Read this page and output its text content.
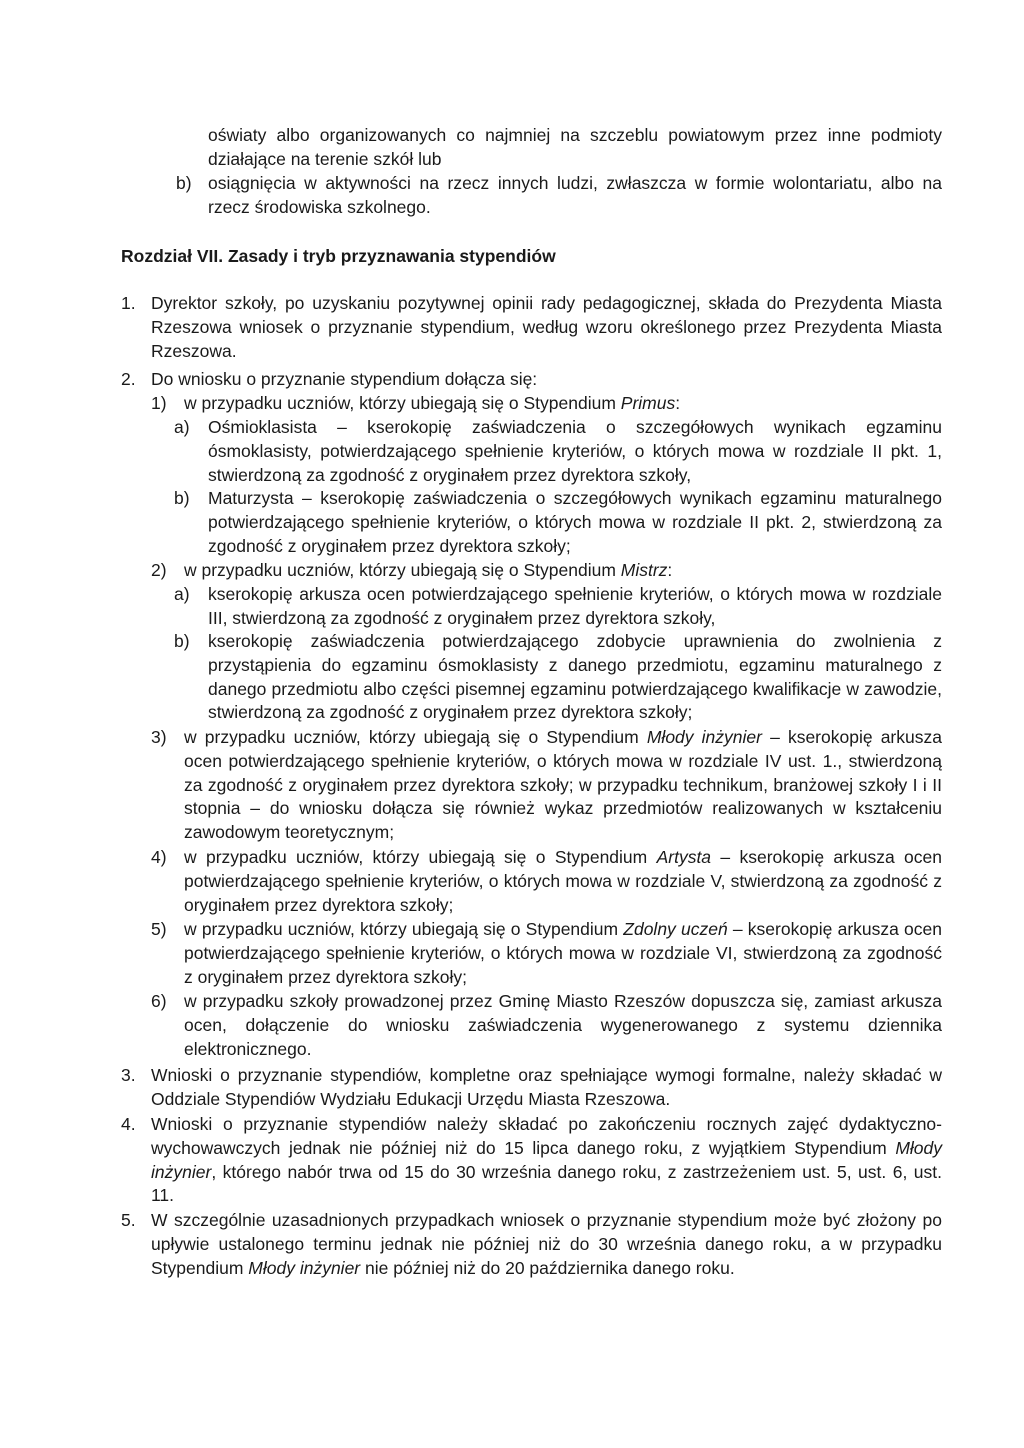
oświaty albo organizowanych co najmniej na szczeblu powiatowym przez inne podmioty działające na terenie szkół lub
b) osiągnięcia w aktywności na rzecz innych ludzi, zwłaszcza w formie wolontariatu, albo na rzecz środowiska szkolnego.
Rozdział VII. Zasady i tryb przyznawania stypendiów
1. Dyrektor szkoły, po uzyskaniu pozytywnej opinii rady pedagogicznej, składa do Prezydenta Miasta Rzeszowa wniosek o przyznanie stypendium, według wzoru określonego przez Prezydenta Miasta Rzeszowa.
2. Do wniosku o przyznanie stypendium dołącza się:
1) w przypadku uczniów, którzy ubiegają się o Stypendium Primus:
a) Ośmioklasista – kserokopię zaświadczenia o szczegółowych wynikach egzaminu ósmoklasisty, potwierdzającego spełnienie kryteriów, o których mowa w rozdziale II pkt. 1, stwierdzoną za zgodność z oryginałem przez dyrektora szkoły,
b) Maturzysta – kserokopię zaświadczenia o szczegółowych wynikach egzaminu maturalnego potwierdzającego spełnienie kryteriów, o których mowa w rozdziale II pkt. 2, stwierdzoną za zgodność z oryginałem przez dyrektora szkoły;
2) w przypadku uczniów, którzy ubiegają się o Stypendium Mistrz:
a) kserokopię arkusza ocen potwierdzającego spełnienie kryteriów, o których mowa w rozdziale III, stwierdzoną za zgodność z oryginałem przez dyrektora szkoły,
b) kserokopię zaświadczenia potwierdzającego zdobycie uprawnienia do zwolnienia z przystąpienia do egzaminu ósmoklasisty z danego przedmiotu, egzaminu maturalnego z danego przedmiotu albo części pisemnej egzaminu potwierdzającego kwalifikacje w zawodzie, stwierdzoną za zgodność z oryginałem przez dyrektora szkoły;
3) w przypadku uczniów, którzy ubiegają się o Stypendium Młody inżynier – kserokopię arkusza ocen potwierdzającego spełnienie kryteriów, o których mowa w rozdziale IV ust. 1., stwierdzoną za zgodność z oryginałem przez dyrektora szkoły; w przypadku technikum, branżowej szkoły I i II stopnia – do wniosku dołącza się również wykaz przedmiotów realizowanych w kształceniu zawodowym teoretycznym;
4) w przypadku uczniów, którzy ubiegają się o Stypendium Artysta – kserokopię arkusza ocen potwierdzającego spełnienie kryteriów, o których mowa w rozdziale V, stwierdzoną za zgodność z oryginałem przez dyrektora szkoły;
5) w przypadku uczniów, którzy ubiegają się o Stypendium Zdolny uczeń – kserokopię arkusza ocen potwierdzającego spełnienie kryteriów, o których mowa w rozdziale VI, stwierdzoną za zgodność z oryginałem przez dyrektora szkoły;
6) w przypadku szkoły prowadzonej przez Gminę Miasto Rzeszów dopuszcza się, zamiast arkusza ocen, dołączenie do wniosku zaświadczenia wygenerowanego z systemu dziennika elektronicznego.
3. Wnioski o przyznanie stypendiów, kompletne oraz spełniające wymogi formalne, należy składać w Oddziale Stypendiów Wydziału Edukacji Urzędu Miasta Rzeszowa.
4. Wnioski o przyznanie stypendiów należy składać po zakończeniu rocznych zajęć dydaktyczno-wychowawczych jednak nie później niż do 15 lipca danego roku, z wyjątkiem Stypendium Młody inżynier, którego nabór trwa od 15 do 30 września danego roku, z zastrzeżeniem ust. 5, ust. 6, ust. 11.
5. W szczególnie uzasadnionych przypadkach wniosek o przyznanie stypendium może być złożony po upływie ustalonego terminu jednak nie później niż do 30 września danego roku, a w przypadku Stypendium Młody inżynier nie później niż do 20 października danego roku.
